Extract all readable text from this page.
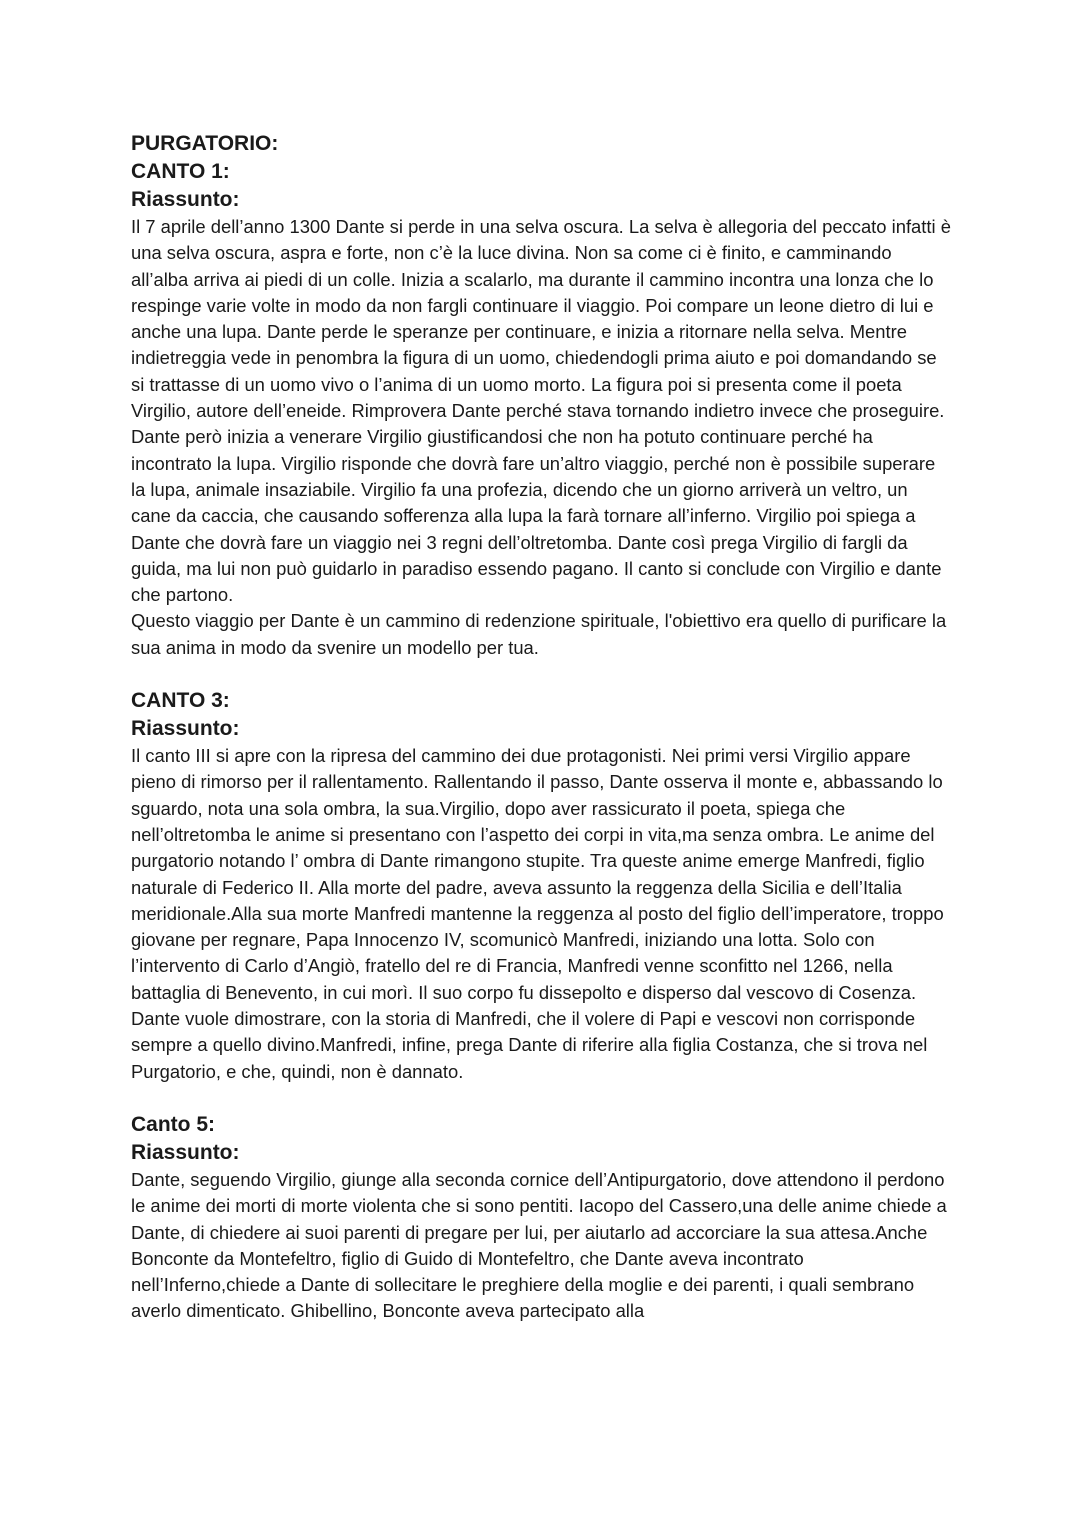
PURGATORIO:
CANTO 1:
Riassunto:

Il 7 aprile dell’anno 1300 Dante si perde in una selva oscura. La selva è allegoria del peccato infatti è una selva oscura, aspra e forte, non c’è la luce divina. Non sa come ci è finito, e camminando all’alba arriva ai piedi di un colle. Inizia a scalarlo, ma durante il cammino incontra una lonza che lo respinge varie volte in modo da non fargli continuare il viaggio. Poi compare un leone dietro di lui e anche una lupa. Dante perde le speranze per continuare, e inizia a ritornare nella selva. Mentre indietreggia vede in penombra la figura di un uomo, chiedendogli prima aiuto e poi domandando se si trattasse di un uomo vivo o l’anima di un uomo morto. La figura poi si presenta come il poeta Virgilio, autore dell’eneide. Rimprovera Dante perché stava tornando indietro invece che proseguire. Dante però inizia a venerare Virgilio giustificandosi che non ha potuto continuare perché ha incontrato la lupa. Virgilio risponde che dovrà fare un’altro viaggio, perché non è possibile superare la lupa, animale insaziabile. Virgilio fa una profezia, dicendo che un giorno arriverà un veltro, un cane da caccia, che causando sofferenza alla lupa la farà tornare all’inferno. Virgilio poi spiega a Dante che dovrà fare un viaggio nei 3 regni dell’oltretomba. Dante così prega Virgilio di fargli da guida, ma lui non può guidarlo in paradiso essendo pagano. Il canto si conclude con Virgilio e dante che partono.

Questo viaggio per Dante è un cammino di redenzione spirituale, l'obiettivo era quello di purificare la sua anima in modo da svenire un modello per tua.

CANTO 3:
Riassunto:

Il canto III si apre con la ripresa del cammino dei due protagonisti. Nei primi versi Virgilio appare pieno di rimorso per il rallentamento. Rallentando il passo, Dante osserva il monte e, abbassando lo sguardo, nota una sola ombra, la sua.Virgilio, dopo aver rassicurato il poeta, spiega che nell’oltretomba le anime si presentano con l’aspetto dei corpi in vita,ma senza ombra. Le anime del purgatorio notando l’ ombra di Dante rimangono stupite. Tra queste anime emerge Manfredi, figlio naturale di Federico II. Alla morte del padre, aveva assunto la reggenza della Sicilia e dell’Italia meridionale.Alla sua morte Manfredi mantenne la reggenza al posto del figlio dell’imperatore, troppo giovane per regnare, Papa Innocenzo IV, scomunicò Manfredi, iniziando una lotta. Solo con l’intervento di Carlo d’Angiò, fratello del re di Francia, Manfredi venne sconfitto nel 1266, nella battaglia di Benevento, in cui morì. Il suo corpo fu dissepolto e disperso dal vescovo di Cosenza. Dante vuole dimostrare, con la storia di Manfredi, che il volere di Papi e vescovi non corrisponde sempre a quello divino.Manfredi, infine, prega Dante di riferire alla figlia Costanza, che si trova nel Purgatorio, e che, quindi, non è dannato.

Canto 5:
Riassunto:

Dante, seguendo Virgilio, giunge alla seconda cornice dell’Antipurgatorio, dove attendono il perdono le anime dei morti di morte violenta che si sono pentiti. Iacopo del Cassero,una delle anime chiede a Dante, di chiedere ai suoi parenti di pregare per lui, per aiutarlo ad accorciare la sua attesa.Anche Bonconte da Montefeltro, figlio di Guido di Montefeltro, che Dante aveva incontrato nell’Inferno,chiede a Dante di sollecitare le preghiere della moglie e dei parenti, i quali sembrano averlo dimenticato. Ghibellino, Bonconte aveva partecipato alla
